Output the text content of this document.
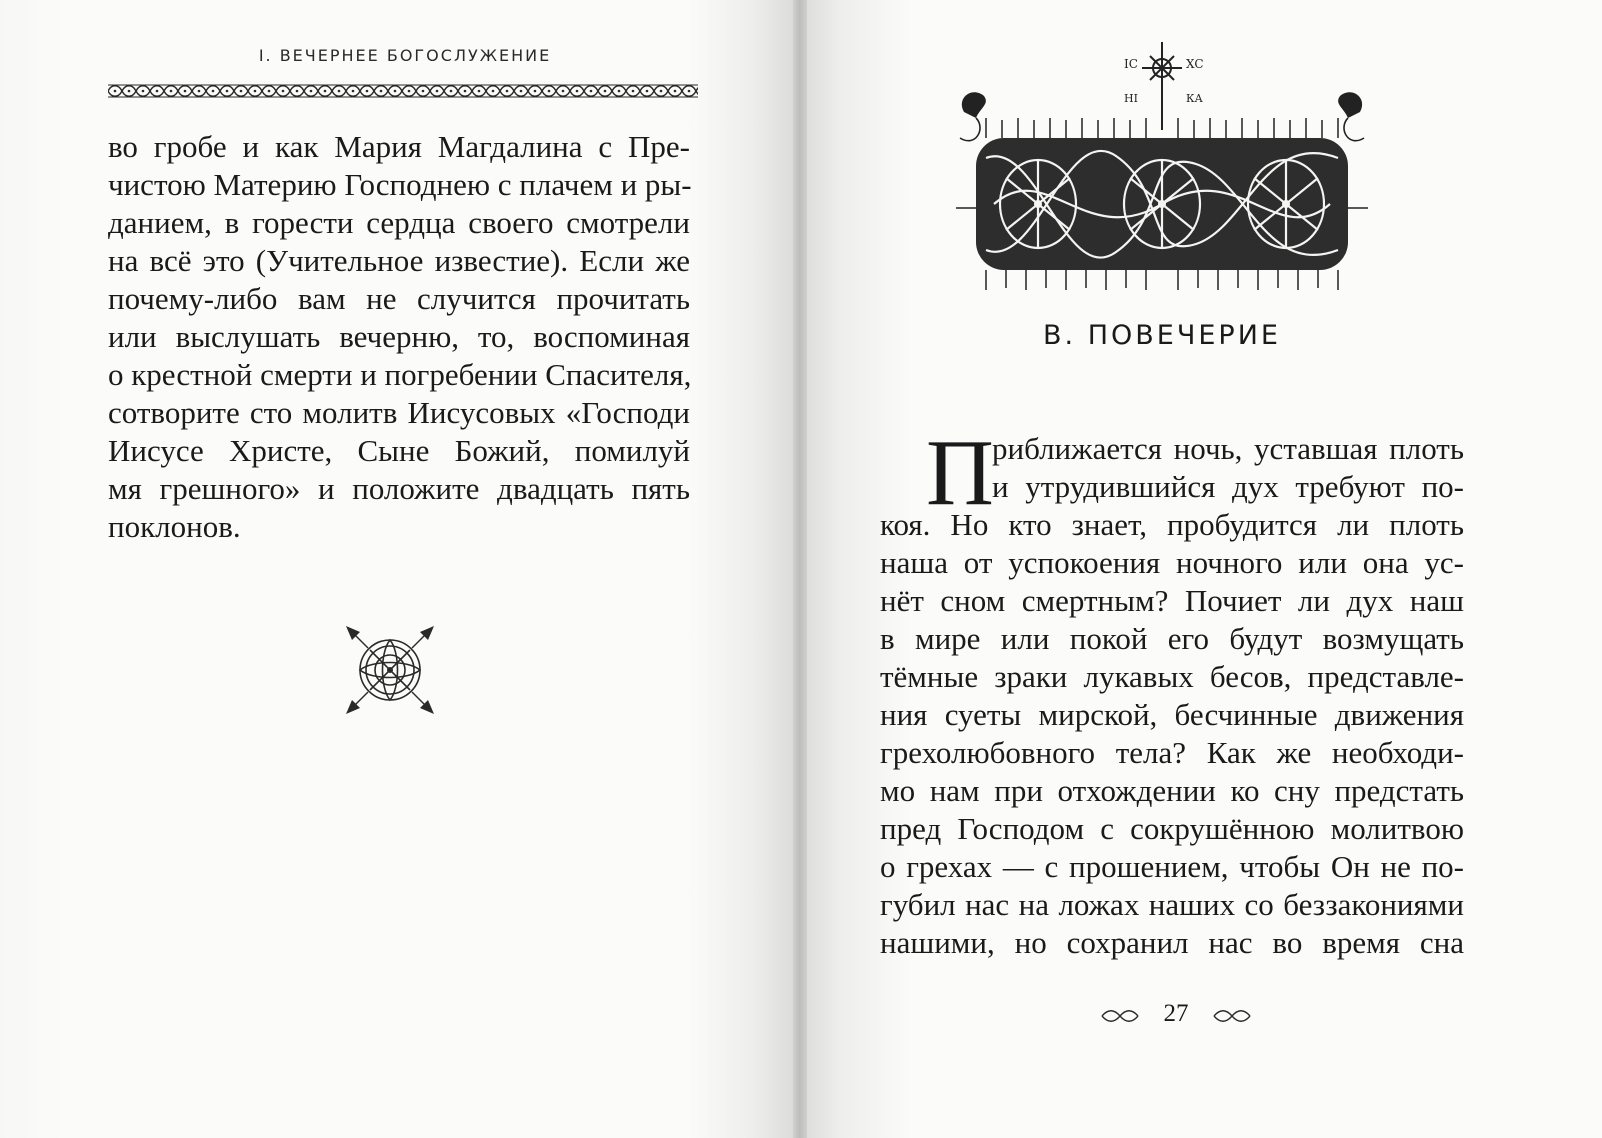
I. ВЕЧЕРНЕЕ БОГОСЛУЖЕНИЕ
во гробе и как Мария Магдалина с Пре-
чистою Материю Господнею с плачем и ры-
данием, в горести сердца своего смотрели
на всё это (Учительное известие). Если же
почему-либо вам не случится прочитать
или выслушать вечерню, то, воспоминая
о крестной смерти и погребении Спасителя,
сотворите сто молитв Иисусовых «Господи
Иисусе Христе, Сыне Божий, помилуй
мя грешного» и положите двадцать пять
поклонов.
IC	XC
НІ	КА
В. ПОВЕЧЕРИЕ
П
риближается ночь, уставшая плоть
и утрудившийся дух требуют по-
коя. Но кто знает, пробудится ли плоть
наша от успокоения ночного или она ус-
нёт сном смертным? Почиет ли дух наш
в мире или покой его будут возмущать
тёмные зраки лукавых бесов, представле-
ния суеты мирской, бесчинные движения
грехолюбовного тела? Как же необходи-
мо нам при отхождении ко сну предстать
пред Господом с сокрушённою молитвою
о грехах — с прошением, чтобы Он не по-
губил нас на ложах наших со беззакониями
нашими, но сохранил нас во время сна
27
